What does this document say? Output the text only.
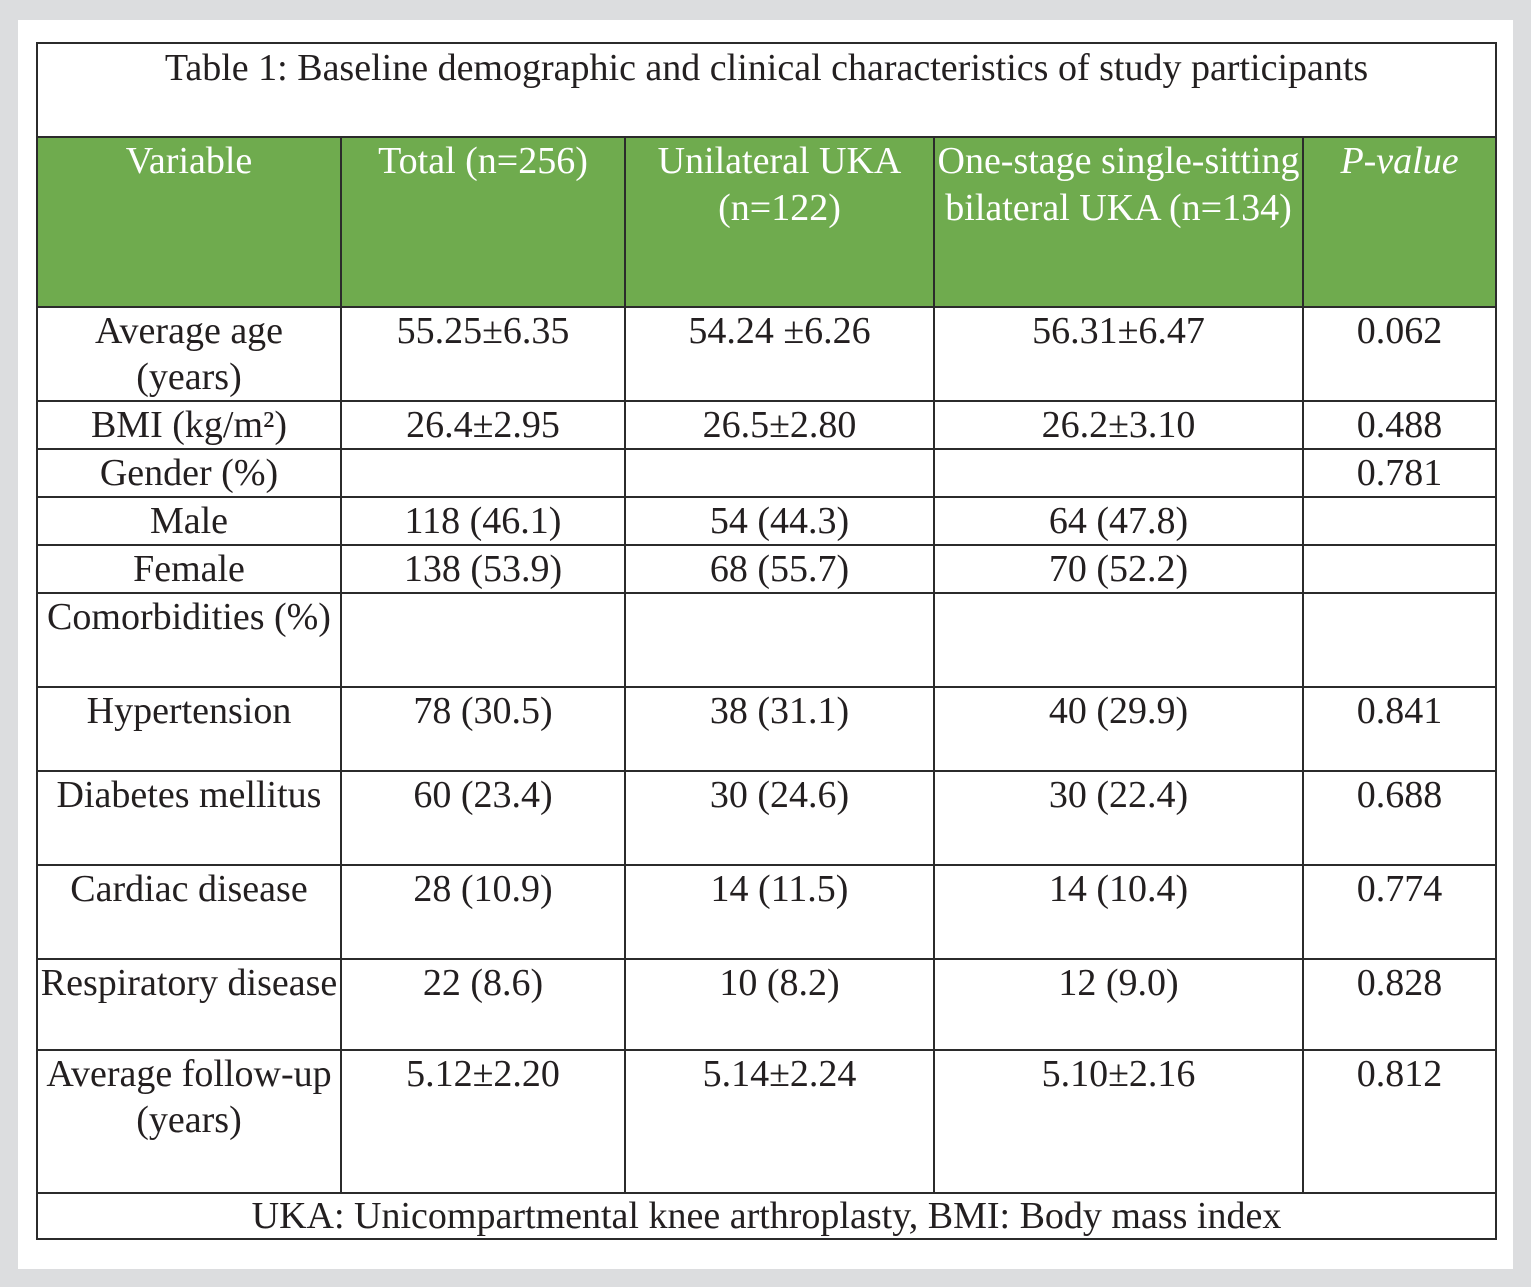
Table 1: Baseline demographic and clinical characteristics of study participants				
Variable	Total (n=256)	Unilateral UKA (n=122)	One-stage single-sitting bilateral UKA (n=134)	P-value
Average age (years)	55.25±6.35	54.24 ±6.26	56.31±6.47	0.062
BMI (kg/m²)	26.4±2.95	26.5±2.80	26.2±3.10	0.488
Gender (%)				0.781
Male	118 (46.1)	54 (44.3)	64 (47.8)	
Female	138 (53.9)	68 (55.7)	70 (52.2)	
Comorbidities (%)				
Hypertension	78 (30.5)	38 (31.1)	40 (29.9)	0.841
Diabetes mellitus	60 (23.4)	30 (24.6)	30 (22.4)	0.688
Cardiac disease	28 (10.9)	14 (11.5)	14 (10.4)	0.774
Respiratory disease	22 (8.6)	10 (8.2)	12 (9.0)	0.828
Average follow-up (years)	5.12±2.20	5.14±2.24	5.10±2.16	0.812
UKA: Unicompartmental knee arthroplasty, BMI: Body mass index				
